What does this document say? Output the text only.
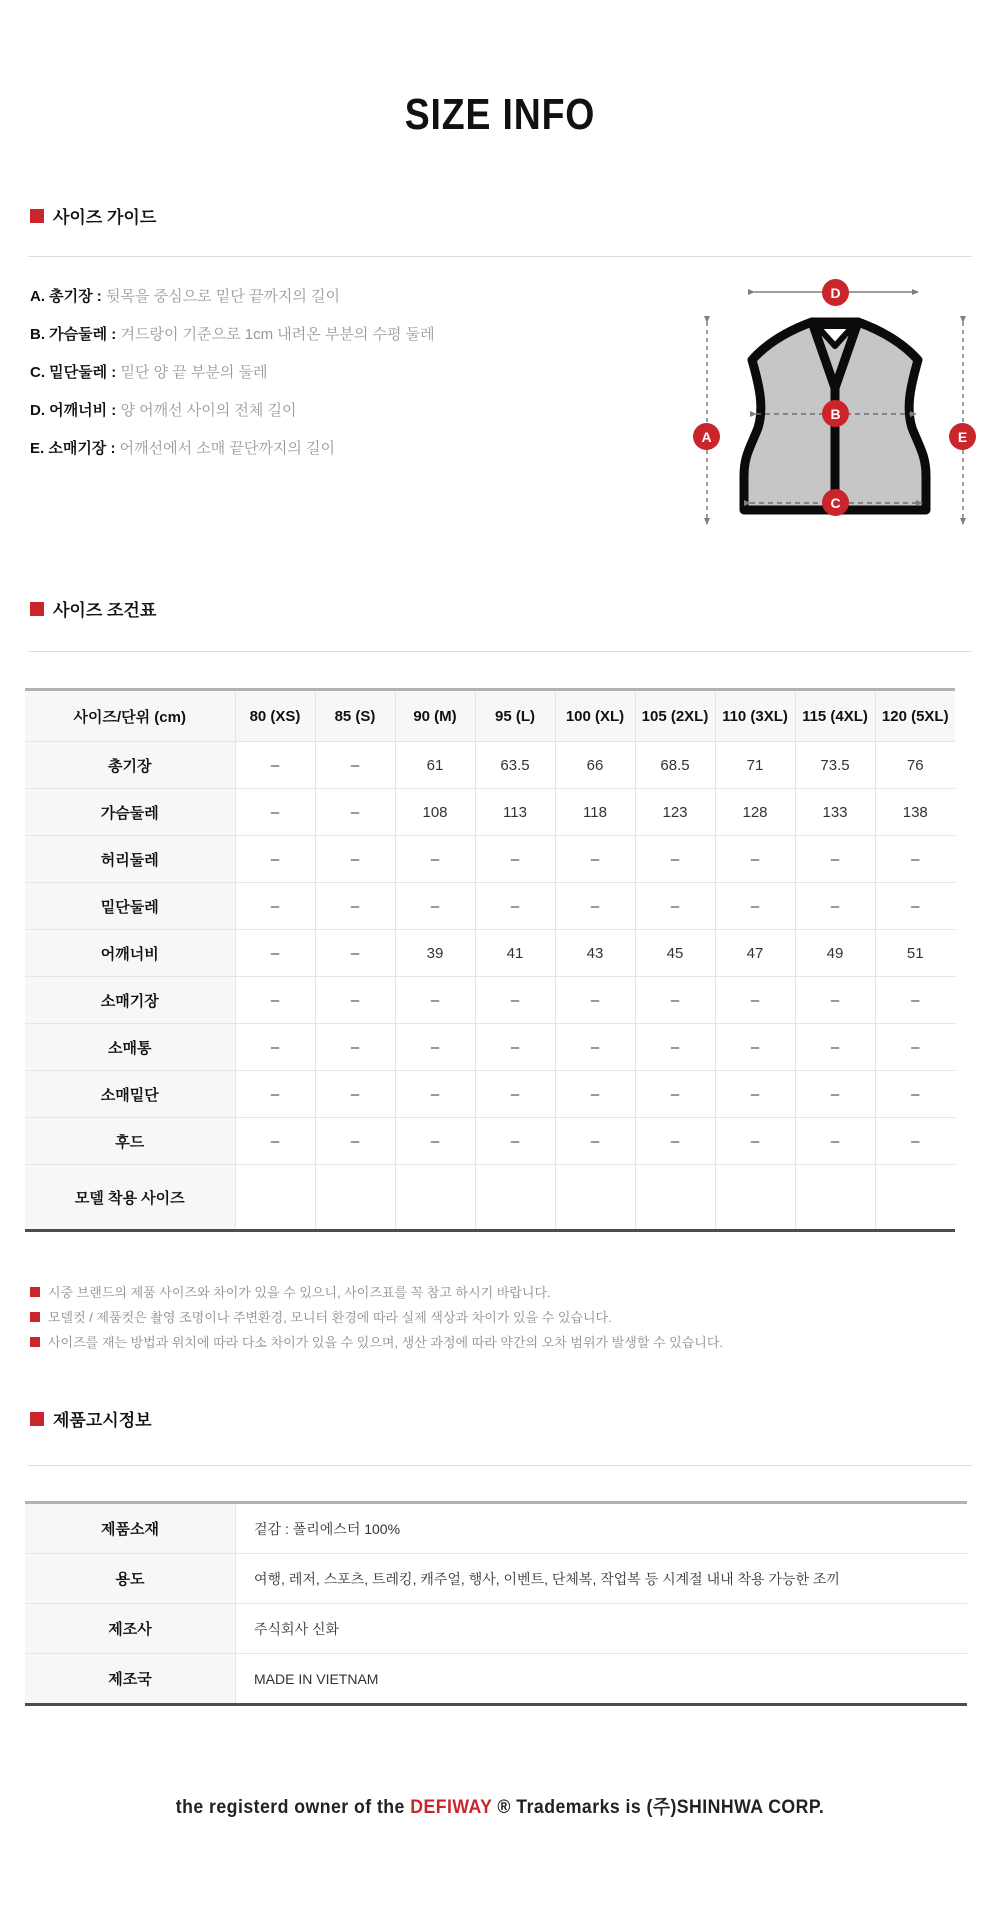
SIZE INFO
사이즈 가이드
A. 총기장 : 뒷목을 중심으로 밑단 끝까지의 길이
B. 가슴둘레 : 겨드랑이 기준으로 1cm 내려온 부분의 수평 둘레
C. 밑단둘레 : 밑단 양 끝 부분의 둘레
D. 어깨너비 : 양 어깨선 사이의 전체 길이
E. 소매기장 : 어깨선에서 소매 끝단까지의 길이
A
B
C
D
E
사이즈 조건표
사이즈/단위 (cm)	80 (XS)	85 (S)	90 (M)	95 (L)	100 (XL)	105 (2XL)	110 (3XL)	115 (4XL)	120 (5XL)
총기장	–	–	61	63.5	66	68.5	71	73.5	76
가슴둘레	–	–	108	113	118	123	128	133	138
허리둘레	–	–	–	–	–	–	–	–	–
밑단둘레	–	–	–	–	–	–	–	–	–
어깨너비	–	–	39	41	43	45	47	49	51
소매기장	–	–	–	–	–	–	–	–	–
소매통	–	–	–	–	–	–	–	–	–
소매밑단	–	–	–	–	–	–	–	–	–
후드	–	–	–	–	–	–	–	–	–
모델 착용 사이즈									
시중 브랜드의 제품 사이즈와 차이가 있을 수 있으니, 사이즈표를 꼭 참고 하시기 바랍니다.
모델컷 / 제품컷은 촬영 조명이나 주변환경, 모니터 환경에 따라 실제 색상과 차이가 있을 수 있습니다.
사이즈를 재는 방법과 위치에 따라 다소 차이가 있을 수 있으며, 생산 과정에 따라 약간의 오차 범위가 발생할 수 있습니다.
제품고시정보
제품소재	겉감 : 폴리에스터 100%
용도	여행, 레저, 스포츠, 트레킹, 캐주얼, 행사, 이벤트, 단체복, 작업복 등 시계절 내내 착용 가능한 조끼
제조사	주식회사 신화
제조국	MADE IN VIETNAM
the registerd owner of the DEFIWAY ® Trademarks is (주)SHINHWA CORP.
